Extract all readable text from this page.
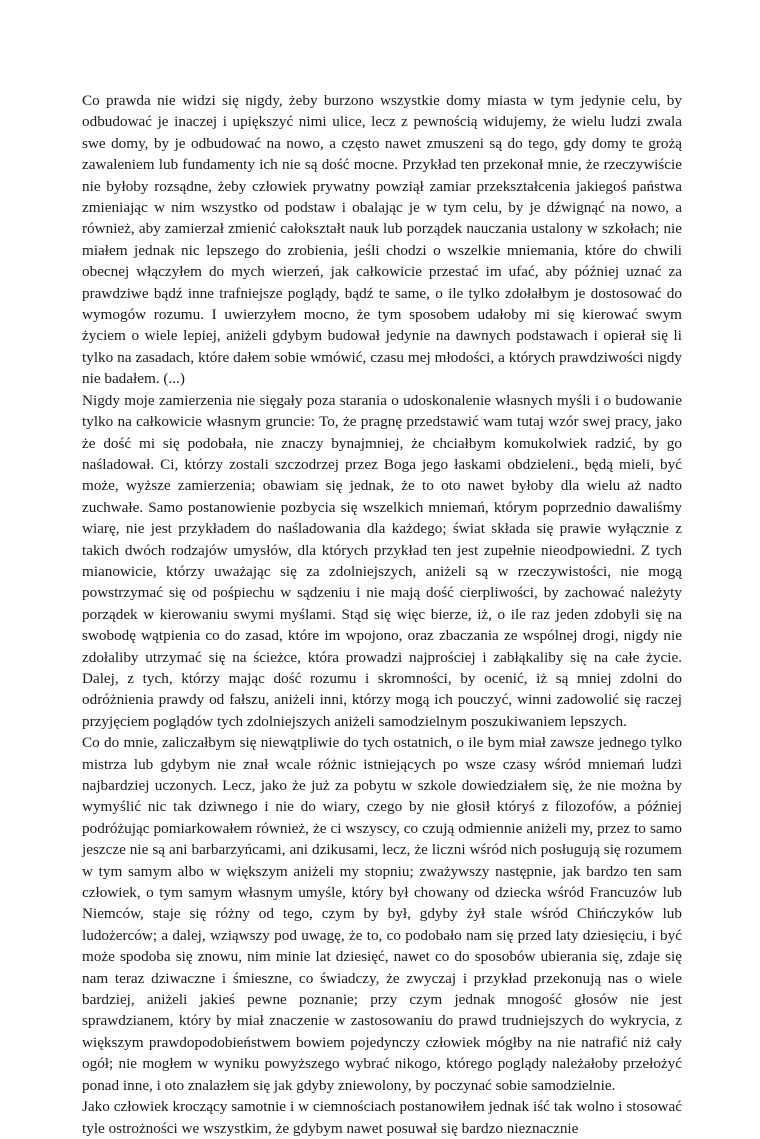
Co prawda nie widzi się nigdy, żeby burzono wszystkie domy miasta w tym jedynie celu, by odbudować je inaczej i upiększyć nimi ulice, lecz z pewnością widujemy, że wielu ludzi zwala swe domy, by je odbudować na nowo, a często nawet zmuszeni są do tego, gdy domy te grożą zawaleniem lub fundamenty ich nie są dość mocne. Przykład ten przekonał mnie, że rzeczywiście nie byłoby rozsądne, żeby człowiek prywatny powziął zamiar przekształcenia jakiegoś państwa zmieniając w nim wszystko od podstaw i obalając je w tym celu, by je dźwignąć na nowo, a również, aby zamierzał zmienić całokształt nauk lub porządek nauczania ustalony w szkołach; nie miałem jednak nic lepszego do zrobienia, jeśli chodzi o wszelkie mniemania, które do chwili obecnej włączyłem do mych wierzeń, jak całkowicie przestać im ufać, aby później uznać za prawdziwe bądź inne trafniejsze poglądy, bądź te same, o ile tylko zdołałbym je dostosować do wymogów rozumu. I uwierzyłem mocno, że tym sposobem udałoby mi się kierować swym życiem o wiele lepiej, aniżeli gdybym budował jedynie na dawnych podstawach i opierał się li tylko na zasadach, które dałem sobie wmówić, czasu mej młodości, a których prawdziwości nigdy nie badałem. (...)

Nigdy moje zamierzenia nie sięgały poza starania o udoskonalenie własnych myśli i o budowanie tylko na całkowicie własnym gruncie: To, że pragnę przedstawić wam tutaj wzór swej pracy, jako że dość mi się podobała, nie znaczy bynajmniej, że chciałbym komukolwiek radzić, by go naśladował. Ci, którzy zostali szczodrzej przez Boga jego łaskami obdzieleni., będą mieli, być może, wyższe zamierzenia; obawiam się jednak, że to oto nawet byłoby dla wielu aż nadto zuchwałe. Samo postanowienie pozbycia się wszelkich mniemań, którym poprzednio dawaliśmy wiarę, nie jest przykładem do naśladowania dla każdego; świat składa się prawie wyłącznie z takich dwóch rodzajów umysłów, dla których przykład ten jest zupełnie nieodpowiedni. Z tych mianowicie, którzy uważając się za zdolniejszych, aniżeli są w rzeczywistości, nie mogą powstrzymać się od pośpiechu w sądzeniu i nie mają dość cierpliwości, by zachować należyty porządek w kierowaniu swymi myślami. Stąd się więc bierze, iż, o ile raz jeden zdobyli się na swobodę wątpienia co do zasad, które im wpojono, oraz zbaczania ze wspólnej drogi, nigdy nie zdołaliby utrzymać się na ścieżce, która prowadzi najprościej i zabłąkaliby się na całe życie. Dalej, z tych, którzy mając dość rozumu i skromności, by ocenić, iż są mniej zdolni do odróżnienia prawdy od fałszu, aniżeli inni, którzy mogą ich pouczyć, winni zadowolić się raczej przyjęciem poglądów tych zdolniejszych aniżeli samodzielnym poszukiwaniem lepszych.

Co do mnie, zaliczałbym się niewątpliwie do tych ostatnich, o ile bym miał zawsze jednego tylko mistrza lub gdybym nie znał wcale różnic istniejących po wsze czasy wśród mniemań ludzi najbardziej uczonych. Lecz, jako że już za pobytu w szkole dowiedziałem się, że nie można by wymyślić nic tak dziwnego i nie do wiary, czego by nie głosił któryś z filozofów, a później podróżując pomiarkowałem również, że ci wszyscy, co czują odmiennie aniżeli my, przez to samo jeszcze nie są ani barbarzyńcami, ani dzikusami, lecz, że liczni wśród nich posługują się rozumem w tym samym albo w większym aniżeli my stopniu; zważywszy następnie, jak bardzo ten sam człowiek, o tym samym własnym umyśle, który był chowany od dziecka wśród Francuzów lub Niemców, staje się różny od tego, czym by był, gdyby żył stale wśród Chińczyków lub ludożerców; a dalej, wziąwszy pod uwagę, że to, co podobało nam się przed laty dziesięciu, i być może spodoba się znowu, nim minie lat dziesięć, nawet co do sposobów ubierania się, zdaje się nam teraz dziwaczne i śmieszne, co świadczy, że zwyczaj i przykład przekonują nas o wiele bardziej, aniżeli jakieś pewne poznanie; przy czym jednak mnogość głosów nie jest sprawdzianem, który by miał znaczenie w zastosowaniu do prawd trudniejszych do wykrycia, z większym prawdopodobieństwem bowiem pojedynczy człowiek mógłby na nie natrafić niż cały ogół; nie mogłem w wyniku powyższego wybrać nikogo, którego poglądy należałoby przełożyć ponad inne, i oto znalazłem się jak gdyby zniewolony, by poczynać sobie samodzielnie.

Jako człowiek kroczący samotnie i w ciemnościach postanowiłem jednak iść tak wolno i stosować tyle ostrożności we wszystkim, że gdybym nawet posuwał się bardzo nieznacznie
